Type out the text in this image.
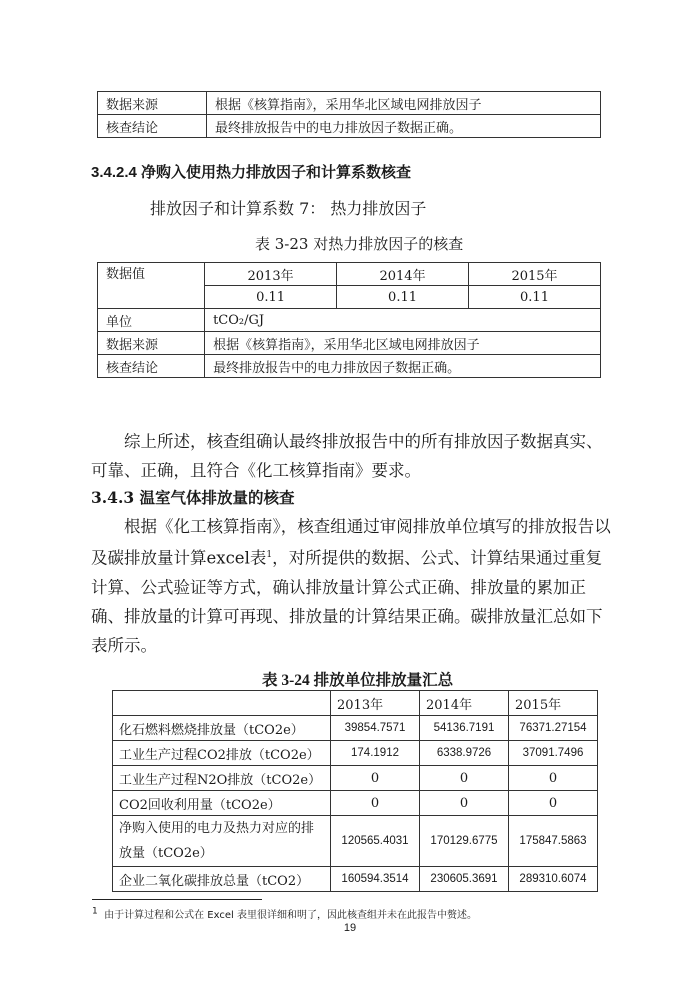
数据来源	根据《核算指南》，采用华北区域电网排放因子
核查结论	最终排放报告中的电力排放因子数据正确。
3.4.2.4 净购入使用热力排放因子和计算系数核查
排放因子和计算系数 7： 热力排放因子
表 3-23 对热力排放因子的核查
数据值	2013年	2014年	2015年
	0.11	0.11	0.11
单位	tCO₂/GJ		
数据来源	根据《核算指南》，采用华北区域电网排放因子		
核查结论	最终排放报告中的电力排放因子数据正确。		
综上所述，核查组确认最终排放报告中的所有排放因子数据真实、可靠、正确，且符合《化工核算指南》要求。
3.4.3 温室气体排放量的核查
根据《化工核算指南》，核查组通过审阅排放单位填写的排放报告以及碳排放量计算excel表$^1$，对所提供的数据、公式、计算结果通过重复计算、公式验证等方式，确认排放量计算公式正确、排放量的累加正确、排放量的计算可再现、排放量的计算结果正确。碳排放量汇总如下表所示。
表 3-24 排放单位排放量汇总
	2013年	2014年	2015年
化石燃料燃烧排放量（tCO2e）	39854.7571	54136.7191	76371.27154
工业生产过程CO2排放（tCO2e）	174.1912	6338.9726	37091.7496
工业生产过程N2O排放（tCO2e）	0	0	0
CO2回收利用量（tCO2e）	0	0	0
净购入使用的电力及热力对应的排放量（tCO2e）	120565.4031	170129.6775	175847.5863
企业二氧化碳排放总量（tCO2）	160594.3514	230605.3691	289310.6074
$^1$ 由于计算过程和公式在 Excel 表里很详细和明了，因此核查组并未在此报告中赘述。
19
